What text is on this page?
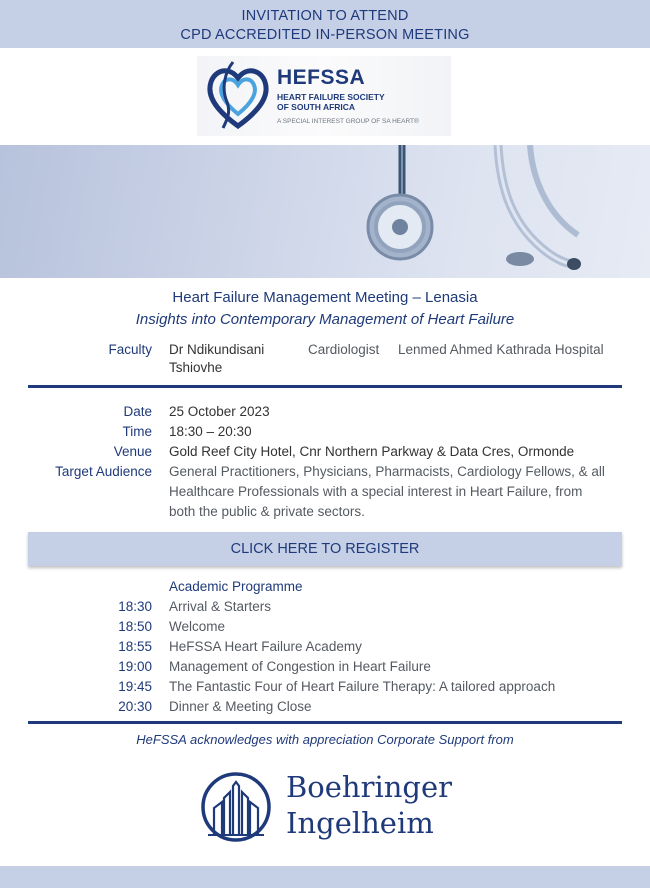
INVITATION TO ATTEND
CPD ACCREDITED IN-PERSON MEETING
HEFSSA
HEART FAILURE SOCIETY
OF SOUTH AFRICA
A SPECIAL INTEREST GROUP OF SA HEART®
Heart Failure Management Meeting – Lenasia
Insights into Contemporary Management of Heart Failure
Faculty Dr Ndikundisani
Tshiovhe
Cardiologist Lenmed Ahmed Kathrada Hospital
Date 25 October 2023
Time 18:30 – 20:30
Venue Gold Reef City Hotel, Cnr Northern Parkway & Data Cres, Ormonde
Target Audience General Practitioners, Physicians, Pharmacists, Cardiology Fellows, & all
Healthcare Professionals with a special interest in Heart Failure, from
both the public & private sectors.
CLICK HERE TO REGISTER
Academic Programme
18:30 Arrival & Starters
18:50 Welcome
18:55 HeFSSA Heart Failure Academy
19:00 Management of Congestion in Heart Failure
19:45 The Fantastic Four of Heart Failure Therapy: A tailored approach
20:30 Dinner & Meeting Close
HeFSSA acknowledges with appreciation Corporate Support from
Boehringer
Ingelheim
